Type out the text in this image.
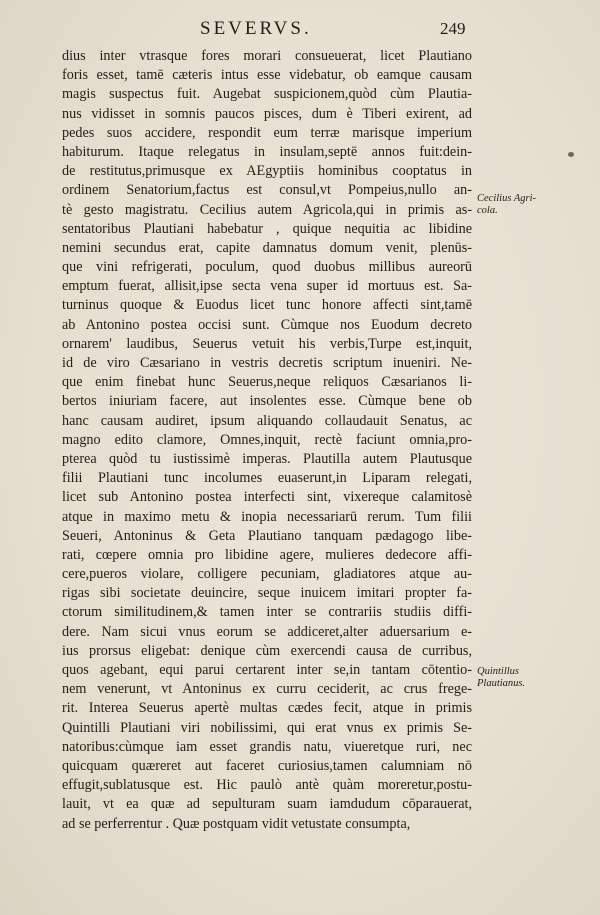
SEVERVS.	249
dius inter vtrasque fores morari consueuerat, licet Plautiano
foris esset, tamē cæteris intus esse videbatur, ob eamque causam
magis suspectus fuit. Augebat suspicionem,quòd cùm Plautia-
nus vidisset in somnis paucos pisces, dum è Tiberi exirent, ad
pedes suos accidere, respondit eum terræ marisque imperium
habiturum. Itaque relegatus in insulam,septē annos fuit:dein-
de restitutus,primusque ex AEgyptiis hominibus cooptatus in
ordinem Senatorium,factus est consul,vt Pompeius,nullo an-
tè gesto magistratu. Cecilius autem Agricola,qui in primis as-
sentatoribus Plautiani habebatur , quique nequitia ac libidine
nemini secundus erat, capite damnatus domum venit, plenūs-
que vini refrigerati, poculum, quod duobus millibus aureorū
emptum fuerat, allisit,ipse secta vena super id mortuus est. Sa-
turninus quoque & Euodus licet tunc honore affecti sint,tamē
ab Antonino postea occisi sunt. Cùmque nos Euodum decreto
ornarem' laudibus, Seuerus vetuit his verbis,Turpe est,inquit,
id de viro Cæsariano in vestris decretis scriptum inueniri. Ne-
que enim finebat hunc Seuerus,neque reliquos Cæsarianos li-
bertos iniuriam facere, aut insolentes esse. Cùmque bene ob
hanc causam audiret, ipsum aliquando collaudauit Senatus, ac
magno edito clamore, Omnes,inquit, rectè faciunt omnia,pro-
pterea quòd tu iustissimè imperas. Plautilla autem Plautusque
filii Plautiani tunc incolumes euaserunt,in Liparam relegati,
licet sub Antonino postea interfecti sint, vixereque calamitosè
atque in maximo metu & inopia necessariarū rerum. Tum filii
Seueri, Antoninus & Geta Plautiano tanquam pædagogo libe-
rati, cœpere omnia pro libidine agere, mulieres dedecore affi-
cere,pueros violare, colligere pecuniam, gladiatores atque au-
rigas sibi societate deuincire, seque inuicem imitari propter fa-
ctorum similitudinem,& tamen inter se contrariis studiis diffi-
dere. Nam sicui vnus eorum se addiceret,alter aduersarium e-
ius prorsus eligebat: denique cùm exercendi causa de curribus,
quos agebant, equi parui certarent inter se,in tantam cōtentio-
nem venerunt, vt Antoninus ex curru ceciderit, ac crus frege-
rit. Interea Seuerus apertè multas cædes fecit, atque in primis
Quintilli Plautiani viri nobilissimi, qui erat vnus ex primis Se-
natoribus:cùmque iam esset grandis natu, viueretque ruri, nec
quicquam quæreret aut faceret curiosius,tamen calumniam nō
effugit,sublatusque est. Hic paulò antè quàm moreretur,postu-
lauit, vt ea quæ ad sepulturam suam iamdudum cōparauerat,
ad se perferrentur . Quæ postquam vidit vetustate consumpta,
Cecilius Agri-
cola.
Quintillus
Plautianus.
